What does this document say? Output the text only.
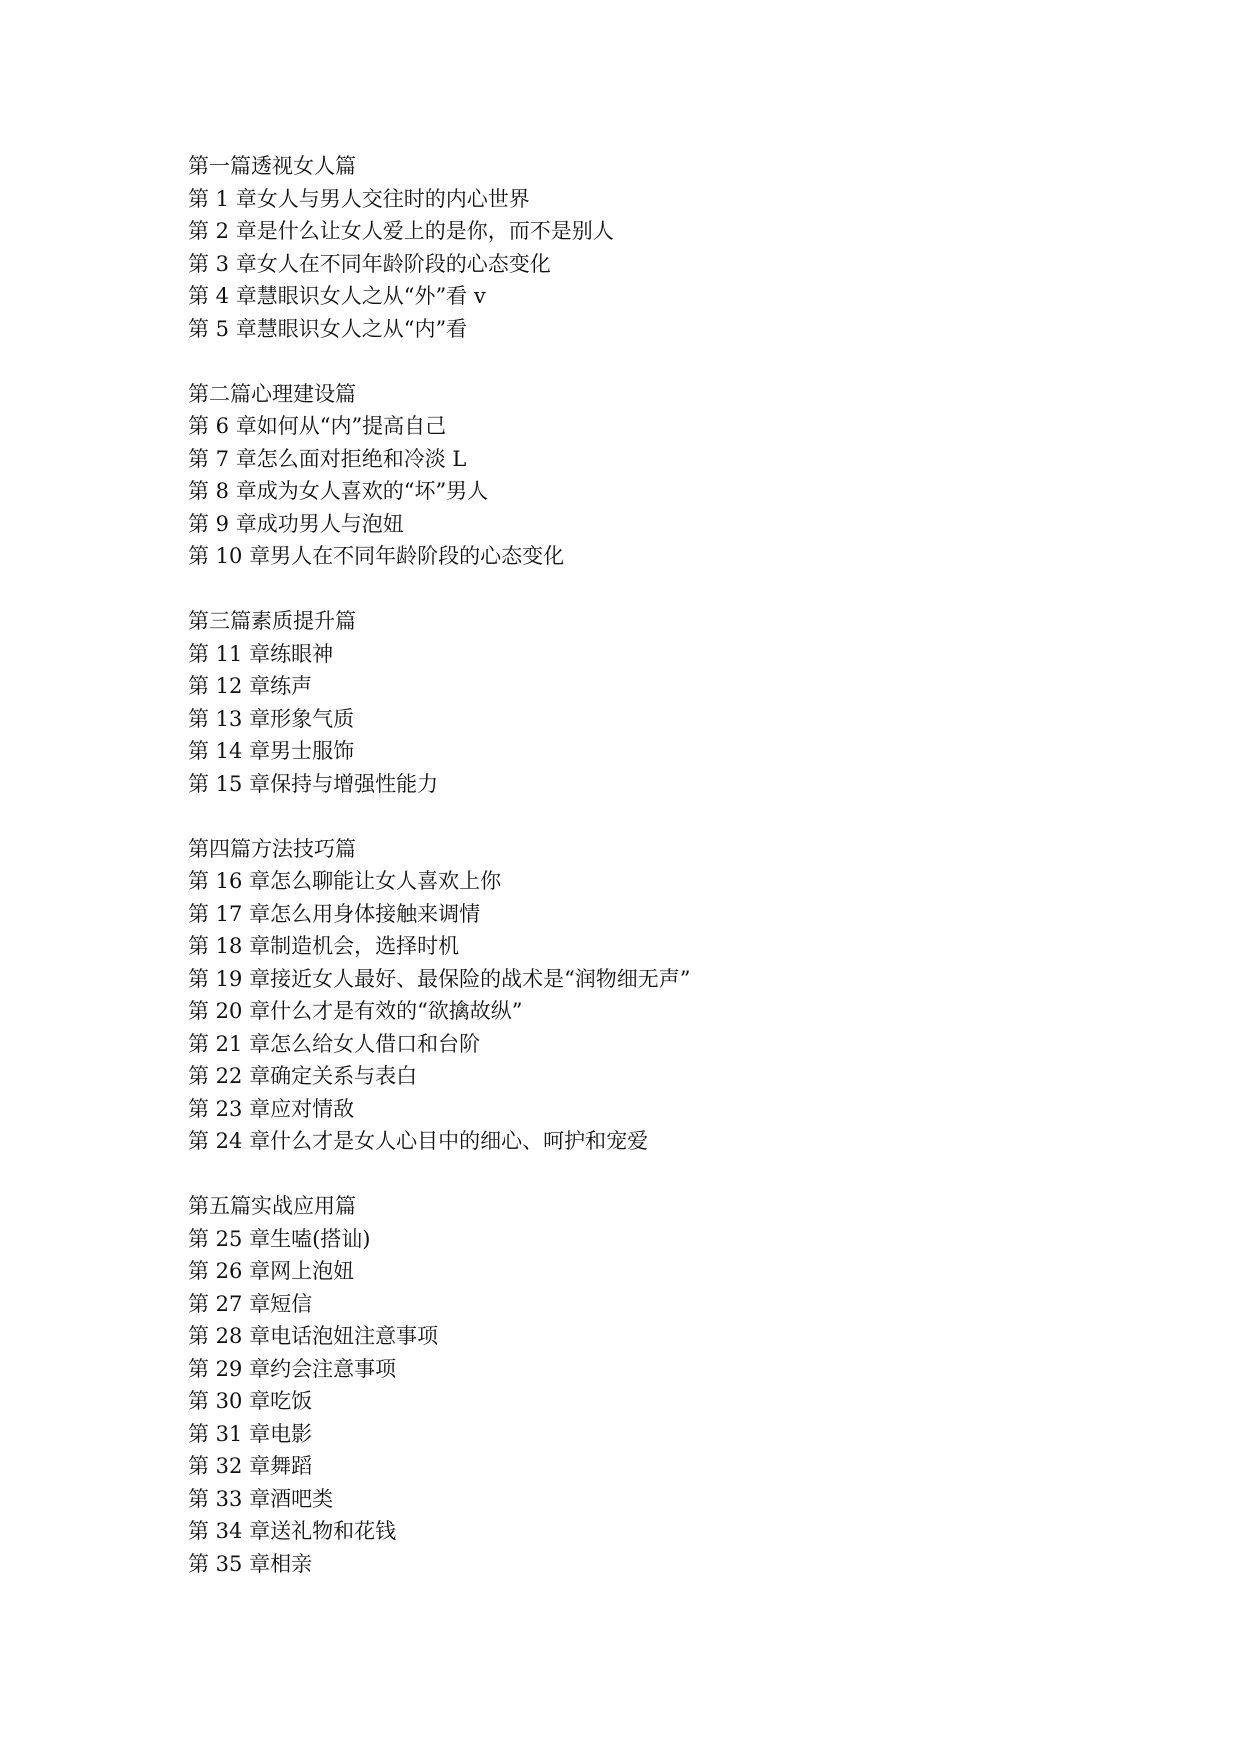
第一篇透视女人篇
第 1 章女人与男人交往时的内心世界
第 2 章是什么让女人爱上的是你，而不是别人
第 3 章女人在不同年龄阶段的心态变化
第 4 章慧眼识女人之从“外”看 v
第 5 章慧眼识女人之从“内”看
第二篇心理建设篇
第 6 章如何从“内”提高自己
第 7 章怎么面对拒绝和冷淡 L
第 8 章成为女人喜欢的“坏”男人
第 9 章成功男人与泡妞
第 10 章男人在不同年龄阶段的心态变化
第三篇素质提升篇
第 11 章练眼神
第 12 章练声
第 13 章形象气质
第 14 章男士服饰
第 15 章保持与增强性能力
第四篇方法技巧篇
第 16 章怎么聊能让女人喜欢上你
第 17 章怎么用身体接触来调情
第 18 章制造机会，选择时机
第 19 章接近女人最好、最保险的战术是“润物细无声”
第 20 章什么才是有效的“欲擒故纵”
第 21 章怎么给女人借口和台阶
第 22 章确定关系与表白
第 23 章应对情敌
第 24 章什么才是女人心目中的细心、呵护和宠爱
第五篇实战应用篇
第 25 章生嗑(搭讪)
第 26 章网上泡妞
第 27 章短信
第 28 章电话泡妞注意事项
第 29 章约会注意事项
第 30 章吃饭
第 31 章电影
第 32 章舞蹈
第 33 章酒吧类
第 34 章送礼物和花钱
第 35 章相亲
